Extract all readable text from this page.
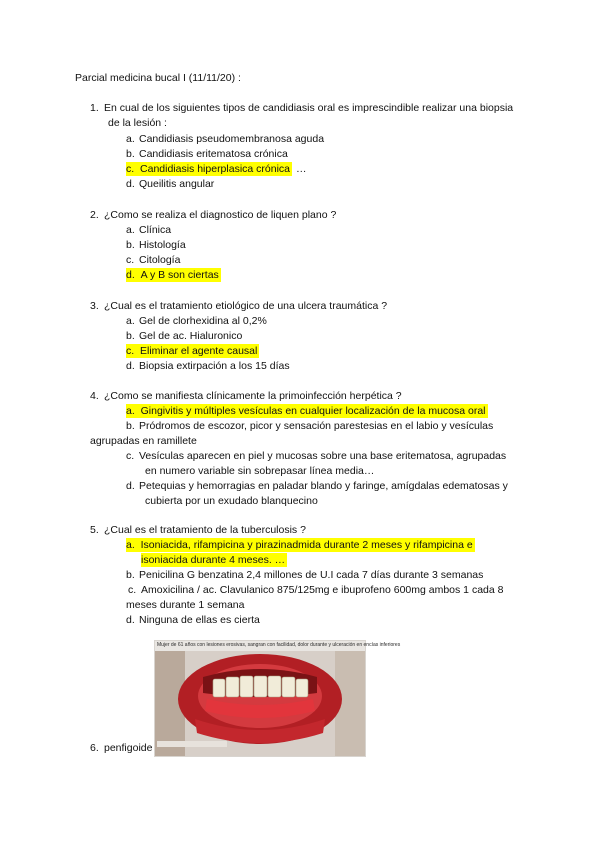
Parcial medicina bucal I (11/11/20) :
1. En cual de los siguientes tipos de candidiasis oral es imprescindible realizar una biopsia
de la lesión :
a. Candidiasis pseudomembranosa aguda
b. Candidiasis eritematosa crónica
c. Candidiasis hiperplasica crónica …
d. Queilitis angular
2. ¿Como se realiza el diagnostico de liquen plano ?
a. Clínica
b. Histología
c. Citología
d. A y B son ciertas
3. ¿Cual es el tratamiento etiológico de una ulcera traumática ?
a. Gel de clorhexidina al 0,2%
b. Gel de ac. Hialuronico
c. Eliminar el agente causal
d. Biopsia extirpación a los 15 días
4. ¿Como se manifiesta clínicamente la primoinfección herpética ?
a. Gingivitis y múltiples vesículas en cualquier localización de la mucosa oral
b. Pródromos de escozor, picor y sensación parestesias en el labio y vesículas
agrupadas en ramillete
c. Vesículas aparecen en piel y mucosas sobre una base eritematosa, agrupadas
en numero variable sin sobrepasar línea media…
d. Petequias y hemorragias en paladar blando y faringe, amígdalas edematosas y
cubierta por un exudado blanquecino
5. ¿Cual es el tratamiento de la tuberculosis ?
a. Isoniacida, rifampicina y pirazinadmida durante 2 meses y rifampicina e
isoniacida durante 4 meses. …
b. Penicilina G benzatina 2,4 millones de U.I cada 7 días durante 3 semanas
c. Amoxicilina / ac. Clavulanico 875/125mg e ibuprofeno 600mg ambos 1 cada 8
meses durante 1 semana
d. Ninguna de ellas es cierta
Mujer de 61 años con lesiones erosivas, sangran con facilidad, dolor durante y ulceración en encías inferiores
6. penfigoide
